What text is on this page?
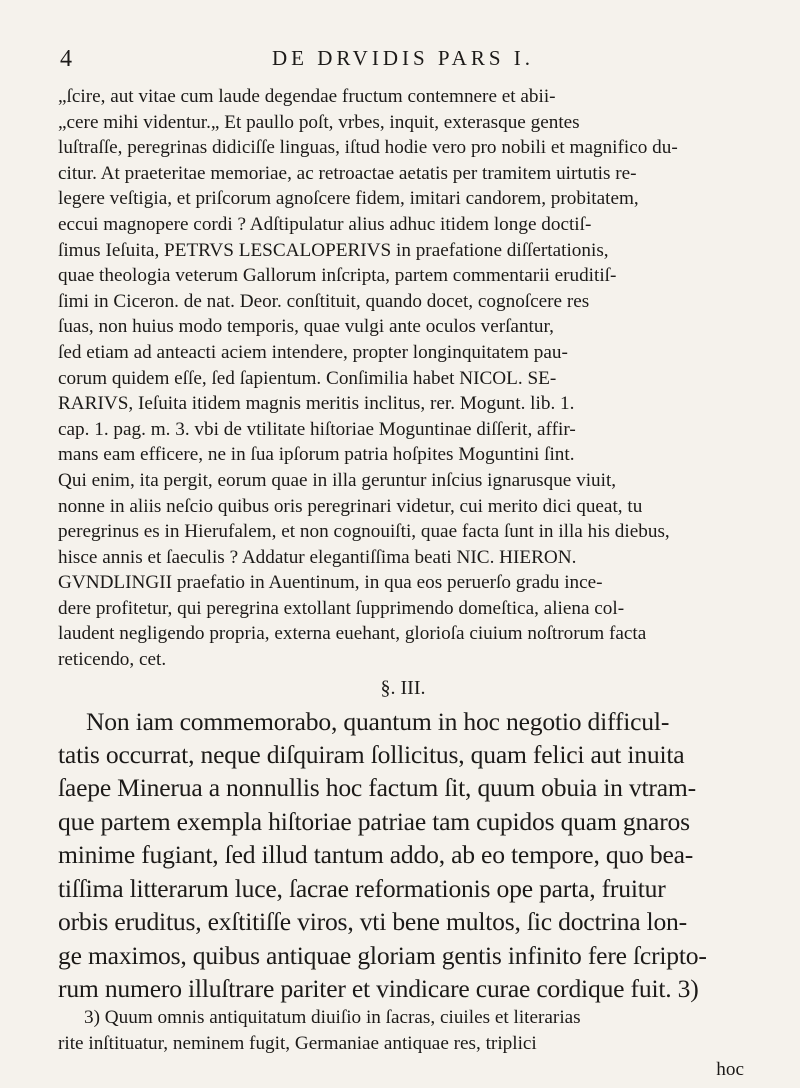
4	DE DRVIDIS PARS I.
„ſcire, aut vitae cum laude degendae fructum contemnere et abii-
„cere mihi videntur.„ Et paullo poſt, vrbes, inquit, exterasque gentes
luſtraſſe, peregrinas didiciſſe linguas, iſtud hodie vero pro nobili et magnifico du-
citur. At praeteritae memoriae, ac retroactae aetatis per tramitem uirtutis re-
legere veſtigia, et priſcorum agnoſcere fidem, imitari candorem, probitatem,
eccui magnopere cordi ? Adſtipulatur alius adhuc itidem longe doctiſ-
ſimus Ieſuita, PETRVS LESCALOPERIVS in praefatione diſſertationis,
quae theologia veterum Gallorum inſcripta, partem commentarii eruditiſ-
ſimi in Ciceron. de nat. Deor. conſtituit, quando docet, cognoſcere res
ſuas, non huius modo temporis, quae vulgi ante oculos verſantur,
ſed etiam ad anteacti aciem intendere, propter longinquitatem pau-
corum quidem eſſe, ſed ſapientum. Conſimilia habet NICOL. SE-
RARIVS, Ieſuita itidem magnis meritis inclitus, rer. Mogunt. lib. 1.
cap. 1. pag. m. 3. vbi de vtilitate hiſtoriae Moguntinae diſſerit, affir-
mans eam efficere, ne in ſua ipſorum patria hoſpites Moguntini ſint.
Qui enim, ita pergit, eorum quae in illa geruntur inſcius ignarusque viuit,
nonne in aliis neſcio quibus oris peregrinari videtur, cui merito dici queat, tu
peregrinus es in Hierufalem, et non cognouiſti, quae facta ſunt in illa his diebus,
hisce annis et ſaeculis ? Addatur elegantiſſima beati NIC. HIERON.
GVNDLINGII praefatio in Auentinum, in qua eos peruerſo gradu ince-
dere profitetur, qui peregrina extollant ſupprimendo domeſtica, aliena col-
laudent negligendo propria, externa euehant, glorioſa ciuium noſtrorum facta
reticendo, cet.
§. III.
Non iam commemorabo, quantum in hoc negotio difficul-
tatis occurrat, neque diſquiram ſollicitus, quam felici aut inuita
ſaepe Minerua a nonnullis hoc factum ſit, quum obuia in vtram-
que partem exempla hiſtoriae patriae tam cupidos quam gnaros
minime fugiant, ſed illud tantum addo, ab eo tempore, quo bea-
tiſſima litterarum luce, ſacrae reformationis ope parta, fruitur
orbis eruditus, exſtitiſſe viros, vti bene multos, ſic doctrina lon-
ge maximos, quibus antiquae gloriam gentis infinito fere ſcripto-
rum numero illuſtrare pariter et vindicare curae cordique fuit. 3)
3) Quum omnis antiquitatum diuiſio in ſacras, ciuiles et literarias
rite inſtituatur, neminem fugit, Germaniae antiquae res, triplici
hoc
